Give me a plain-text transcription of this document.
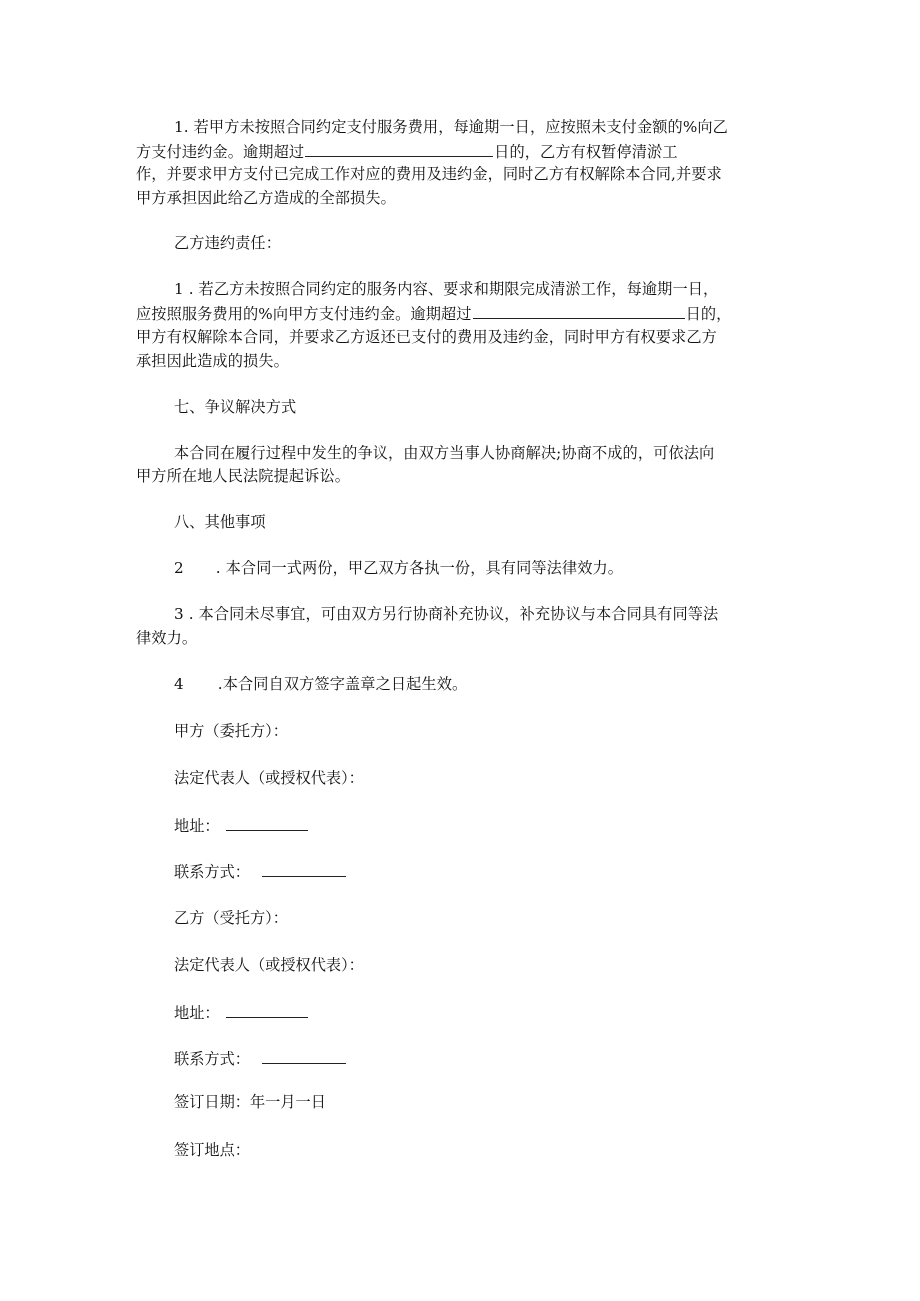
1. 若甲方未按照合同约定支付服务费用，每逾期一日，应按照未支付金额的%向乙
方支付违约金。逾期超过	日的，乙方有权暂停清淤工
作，并要求甲方支付已完成工作对应的费用及违约金，同时乙方有权解除本合同,并要求
甲方承担因此给乙方造成的全部损失。
乙方违约责任：
1 . 若乙方未按照合同约定的服务内容、要求和期限完成清淤工作，每逾期一日，
应按照服务费用的%向甲方支付违约金。逾期超过	日的，
甲方有权解除本合同，并要求乙方返还已支付的费用及违约金，同时甲方有权要求乙方
承担因此造成的损失。
七、争议解决方式
本合同在履行过程中发生的争议，由双方当事人协商解决;协商不成的，可依法向
甲方所在地人民法院提起诉讼。
八、其他事项
2 . 本合同一式两份，甲乙双方各执一份，具有同等法律效力。
3 . 本合同未尽事宜，可由双方另行协商补充协议，补充协议与本合同具有同等法
律效力。
4 .本合同自双方签字盖章之日起生效。
甲方（委托方）：
法定代表人（或授权代表）：
地址：
联系方式：
乙方（受托方）：
法定代表人（或授权代表）：
地址：
联系方式：
签订日期：年一月一日
签订地点：
